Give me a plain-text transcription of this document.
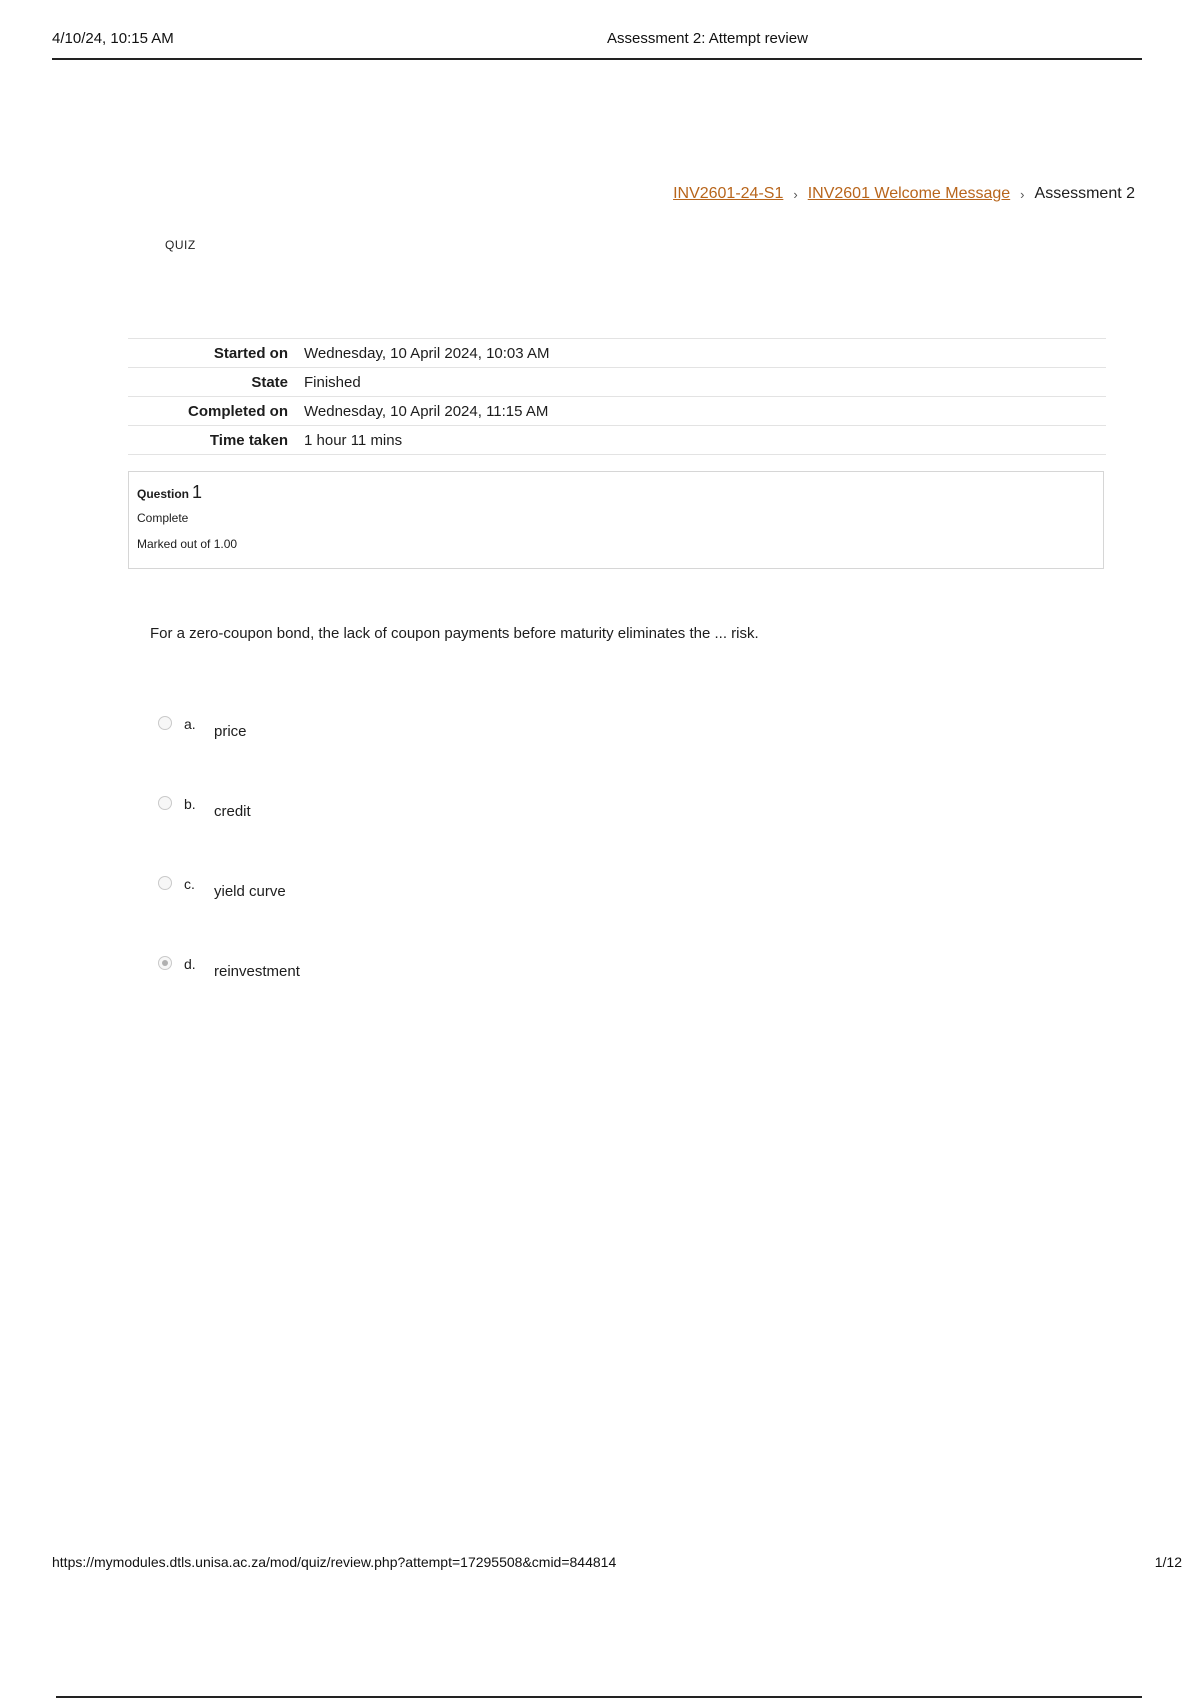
4/10/24, 10:15 AM	Assessment 2: Attempt review
INV2601-24-S1 › INV2601 Welcome Message › Assessment 2
QUIZ
Started on	Wednesday, 10 April 2024, 10:03 AM
State	Finished
Completed on	Wednesday, 10 April 2024, 11:15 AM
Time taken	1 hour 11 mins
Question 1
Complete
Marked out of 1.00
For a zero-coupon bond, the lack of coupon payments before maturity eliminates the ... risk.
a. price
b. credit
c. yield curve
d. reinvestment
https://mymodules.dtls.unisa.ac.za/mod/quiz/review.php?attempt=17295508&cmid=844814	1/12
